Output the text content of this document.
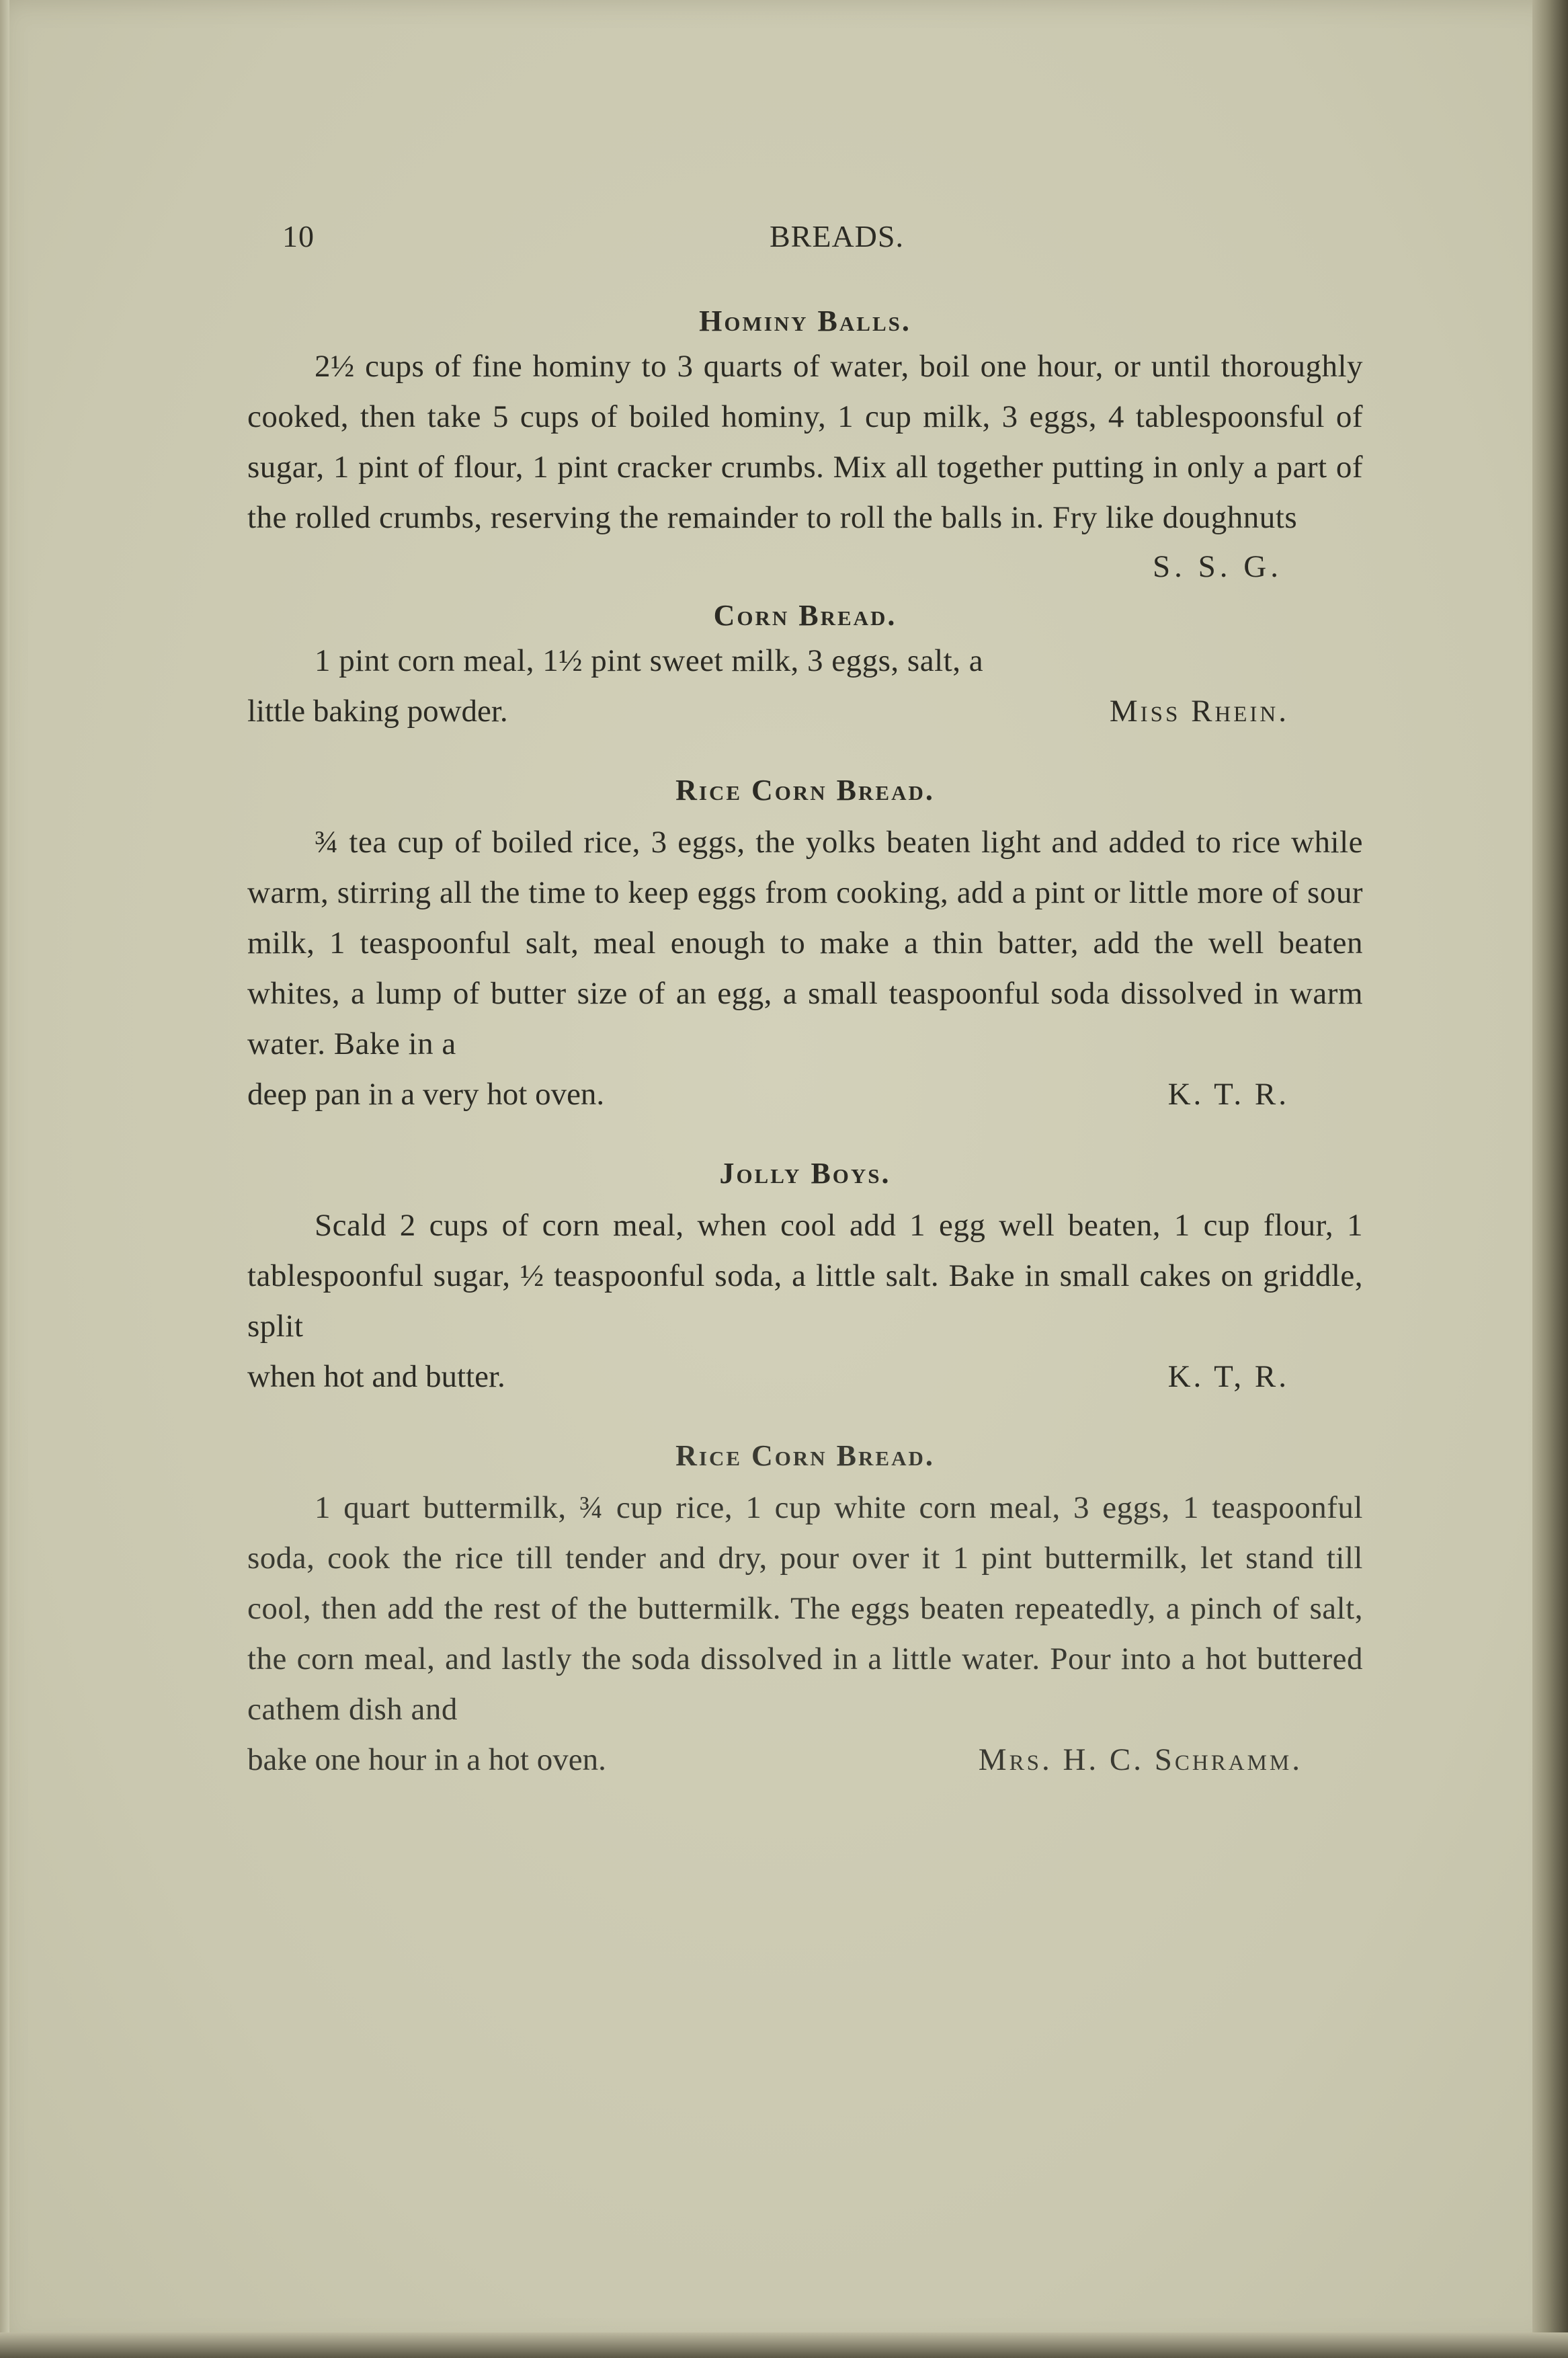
10	BREADS.
Hominy Balls.

2½ cups of fine hominy to 3 quarts of water, boil one hour, or until thoroughly cooked, then take 5 cups of boiled hominy, 1 cup milk, 3 eggs, 4 tablespoonsful of sugar, 1 pint of flour, 1 pint cracker crumbs. Mix all together putting in only a part of the rolled crumbs, reserving the remainder to roll the balls in. Fry like doughnuts

S. S. G.

Corn Bread.

1 pint corn meal, 1½ pint sweet milk, 3 eggs, salt, a

little baking powder.	Miss Rhein.
Rice Corn Bread.

¾ tea cup of boiled rice, 3 eggs, the yolks beaten light and added to rice while warm, stirring all the time to keep eggs from cooking, add a pint or little more of sour milk, 1 teaspoonful salt, meal enough to make a thin batter, add the well beaten whites, a lump of butter size of an egg, a small teaspoonful soda dissolved in warm water. Bake in a

deep pan in a very hot oven.	K. T. R.
Jolly Boys.

Scald 2 cups of corn meal, when cool add 1 egg well beaten, 1 cup flour, 1 tablespoonful sugar, ½ teaspoonful soda, a little salt. Bake in small cakes on griddle, split

when hot and butter.	K. T, R.
Rice Corn Bread.

1 quart buttermilk, ¾ cup rice, 1 cup white corn meal, 3 eggs, 1 teaspoonful soda, cook the rice till tender and dry, pour over it 1 pint buttermilk, let stand till cool, then add the rest of the buttermilk. The eggs beaten repeatedly, a pinch of salt, the corn meal, and lastly the soda dissolved in a little water. Pour into a hot buttered cathem dish and

bake one hour in a hot oven.	Mrs. H. C. Schramm.
